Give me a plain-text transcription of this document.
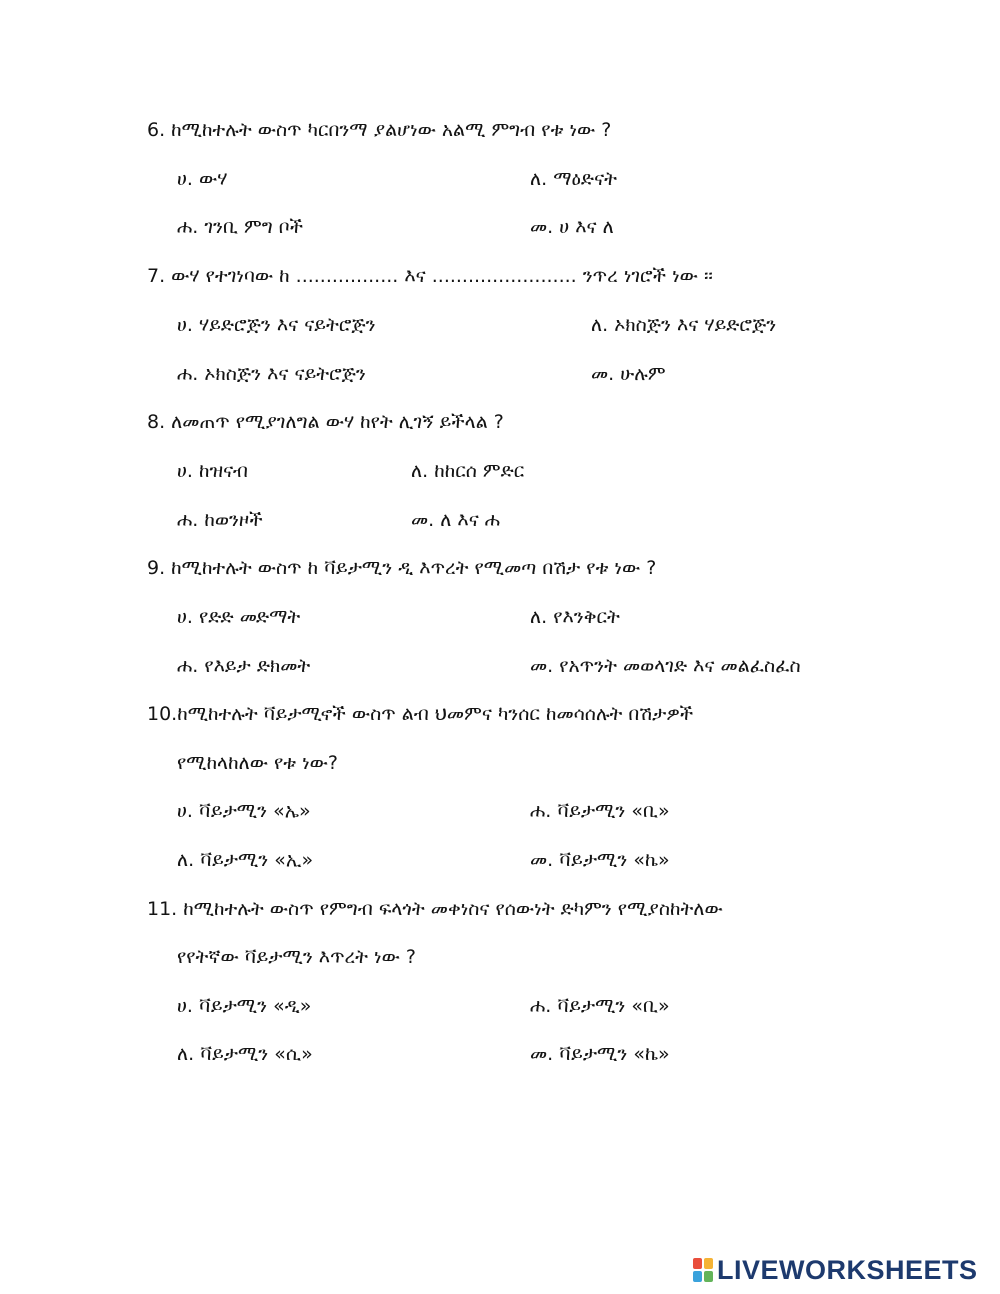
6. ከሚከተሉት ውስጥ ካርበንማ ያልሆነው አልሚ ምግብ የቱ ነው ?
ሀ. ውሃ	ለ. ማዕድናት
ሐ. ገንቢ ምግ ቦች	መ. ሀ እና ለ
7. ውሃ የተገነባው ከ ................. እና ........................ ንጥረ ነገሮች ነው ፡፡
ሀ. ሃይድሮጅን እና ናይትሮጅን	ለ. ኦክስጅን እና ሃይድሮጅን
ሐ. ኦክስጅን እና ናይትሮጅን	መ. ሁሉም
8. ለመጠጥ የሚያገለግል ውሃ ከየት ሊገኝ ይችላል ?
ሀ. ከዝናብ	ለ. ከከርሰ ምድር
ሐ. ከወንዞች	መ. ለ እና ሐ
9. ከሚከተሉት ውስጥ ከ ቫይታሚን ዲ እጥረት የሚመጣ በሽታ የቱ ነው ?
ሀ. የድድ መድማት	ለ. የእንቅርት
ሐ. የእይታ ድክመት	መ. የአጥንት መወላገድ እና መልፈስፈስ
10.ከሚከተሉት ቫይታሚኖች ውስጥ ልብ ህመምና ካንሰር ከመሳሰሉት በሽታዎች
የሚከላከለው የቱ ነው?
ሀ. ቫይታሚን «ኤ»	ሐ. ቫይታሚን «ቢ»
ለ. ቫይታሚን «ኢ»	መ. ቫይታሚን «ኬ»
11. ከሚከተሉት ውስጥ የምግብ ፍላጎት መቀነስና የሰውነት ድካምን የሚያስከትለው
የየትኛው ቫይታሚን እጥረት ነው ?
ሀ. ቫይታሚን «ዲ»	ሐ. ቫይታሚን «ቢ»
ለ. ቫይታሚን «ሲ»	መ. ቫይታሚን «ኬ»
LIVEWORKSHEETS
